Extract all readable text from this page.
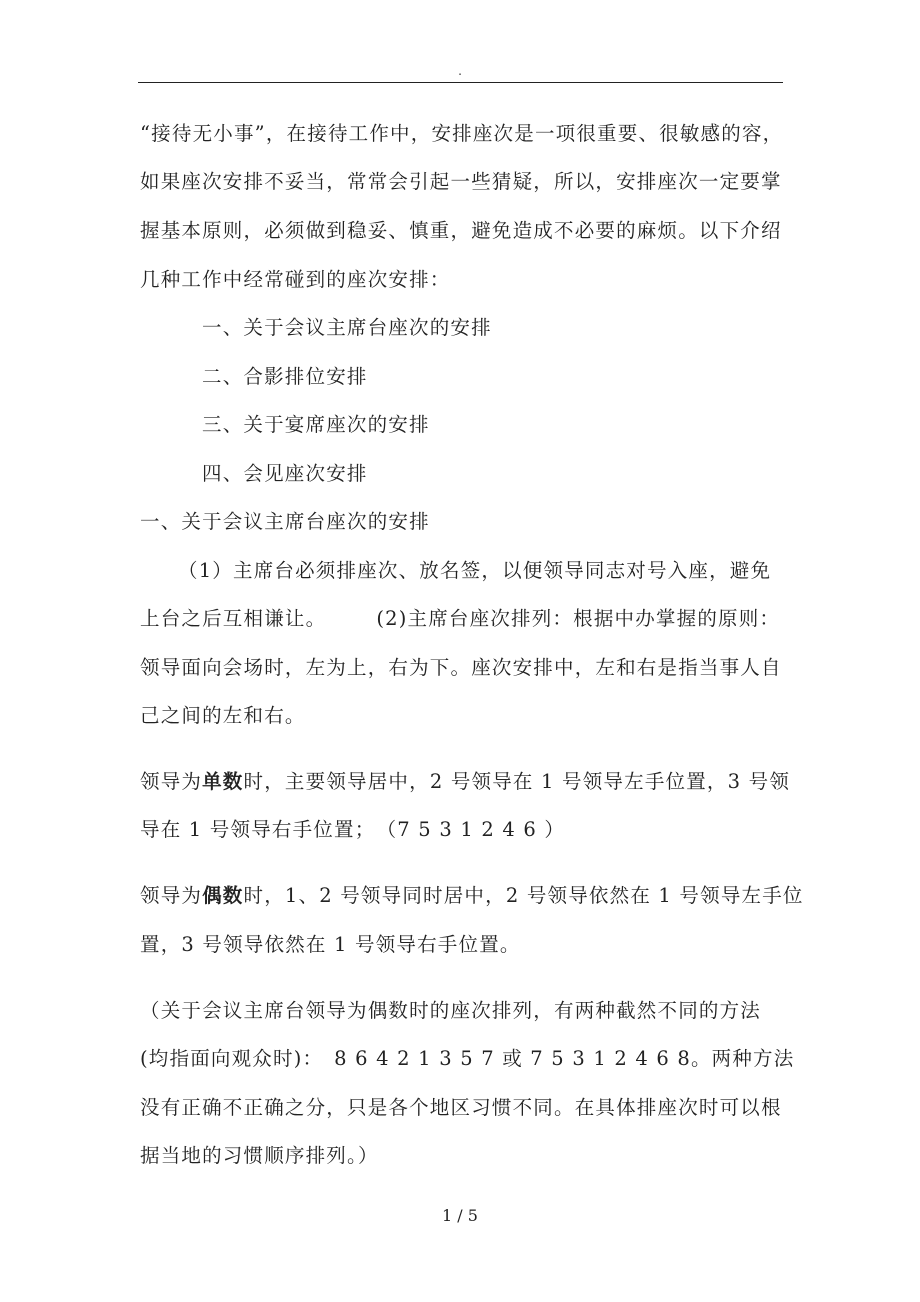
.
“接待无小事”，在接待工作中，安排座次是一项很重要、很敏感的容，
如果座次安排不妥当，常常会引起一些猜疑，所以，安排座次一定要掌
握基本原则，必须做到稳妥、慎重，避免造成不必要的麻烦。以下介绍
几种工作中经常碰到的座次安排：
一、关于会议主席台座次的安排
二、合影排位安排
三、关于宴席座次的安排
四、会见座次安排
一、关于会议主席台座次的安排
（1）主席台必须排座次、放名签，以便领导同志对号入座，避免
上台之后互相谦让。	(2)主席台座次排列：根据中办掌握的原则：
领导面向会场时，左为上，右为下。座次安排中，左和右是指当事人自
己之间的左和右。
领导为单数时，主要领导居中，2 号领导在 1 号领导左手位置，3 号领
导在 1 号领导右手位置；　（7 5 3 1 2 4 6 ）
领导为偶数时，1、2 号领导同时居中，2 号领导依然在 1 号领导左手位
置，3 号领导依然在 1 号领导右手位置。
（关于会议主席台领导为偶数时的座次排列，有两种截然不同的方法
(均指面向观众时)：　8 6 4 2 1 3 5 7 或 7 5 3 1 2 4 6 8。两种方法
没有正确不正确之分，只是各个地区习惯不同。在具体排座次时可以根
据当地的习惯顺序排列。）
1 / 5
